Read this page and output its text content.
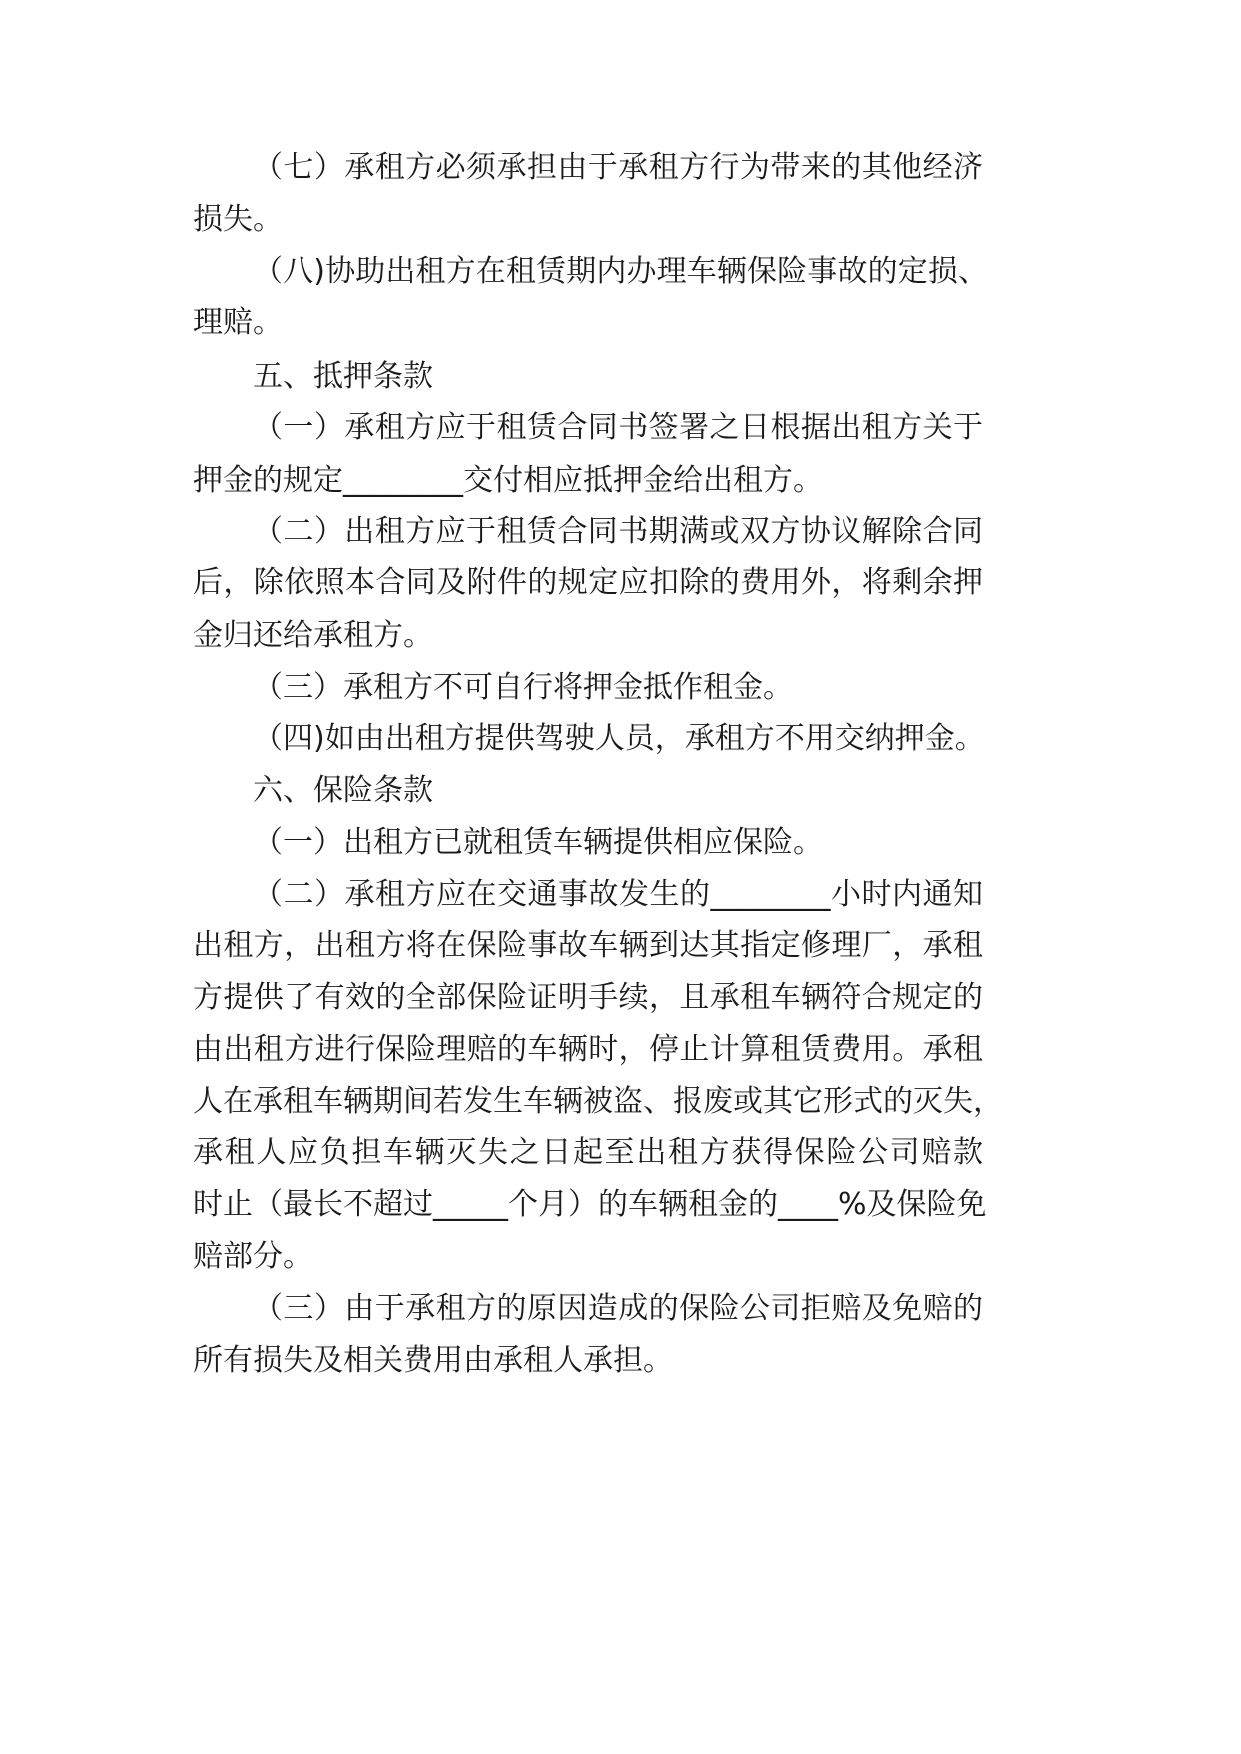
（七）承租方必须承担由于承租方行为带来的其他经济
损失。
（八)协助出租方在租赁期内办理车辆保险事故的定损、
理赔。
五、抵押条款
（一）承租方应于租赁合同书签署之日根据出租方关于
押金的规定________交付相应抵押金给出租方。
（二）出租方应于租赁合同书期满或双方协议解除合同
后，除依照本合同及附件的规定应扣除的费用外，将剩余押
金归还给承租方。
（三）承租方不可自行将押金抵作租金。
（四)如由出租方提供驾驶人员，承租方不用交纳押金。
六、保险条款
（一）出租方已就租赁车辆提供相应保险。
（二）承租方应在交通事故发生的________小时内通知
出租方，出租方将在保险事故车辆到达其指定修理厂，承租
方提供了有效的全部保险证明手续，且承租车辆符合规定的
由出租方进行保险理赔的车辆时，停止计算租赁费用。承租
人在承租车辆期间若发生车辆被盗、报废或其它形式的灭失，
承租人应负担车辆灭失之日起至出租方获得保险公司赔款
时止（最长不超过_____个月）的车辆租金的____%及保险免
赔部分。
（三）由于承租方的原因造成的保险公司拒赔及免赔的
所有损失及相关费用由承租人承担。
